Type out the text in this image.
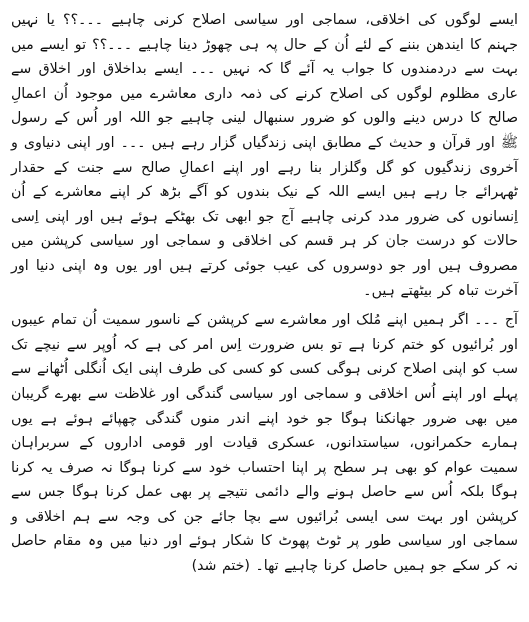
ایسے لوگوں کی اخلاقی، سماجی اور سیاسی اصلاح کرنی چاہیے ۔۔۔؟؟ یا نہیں جہنم کا ایندھن بننے کے لئے اُن کے حال پہ ہی چھوڑ دینا چاہیے ۔۔۔؟؟ تو ایسے میں بہت سے دردمندوں کا جواب یہ آئے گا کہ نہیں ۔۔۔ ایسے بداخلاق اور اخلاق سے عاری مظلوم لوگوں کی اصلاح کرنے کی ذمہ داری معاشرے میں موجود اُن اعمالِ صالح کا درس دینے والوں کو ضرور سنبھال لینی چاہیے جو اللہ اور اُس کے رسول ﷺ اور قرآن و حدیث کے مطابق اپنی زندگیاں گزار رہے ہیں ۔۔۔ اور اپنی دنیاوی و آخروی زندگیوں کو گل وگلزار بنا رہے اور اپنے اعمالِ صالح سے جنت کے حقدار ٹھہرائے جا رہے ہیں ایسے اللہ کے نیک بندوں کو آگے بڑھ کر اپنے معاشرے کے اُن اِنسانوں کی ضرور مدد کرنی چاہیے آج جو ابھی تک بھٹکے ہوئے ہیں اور اپنی اِسی حالات کو درست جان کر ہر قسم کی اخلاقی و سماجی اور سیاسی کرپشن میں مصروف ہیں اور جو دوسروں کی عیب جوئی کرتے ہیں اور یوں وہ اپنی دنیا اور آخرت تباہ کر بیٹھتے ہیں۔

آج ۔۔۔ اگر ہمیں اپنے مُلک اور معاشرے سے کرپشن کے ناسور سمیت اُن تمام عیبوں اور بُرائیوں کو ختم کرنا ہے تو بس ضرورت اِس امر کی ہے کہ اُوپر سے نیچے تک سب کو اپنی اصلاح کرنی ہوگی کسی کو کسی کی طرف اپنی ایک اُنگلی اُٹھانے سے پہلے اور اپنے اُس اخلاقی و سماجی اور سیاسی گندگی اور غلاظت سے بھرے گریبان میں بھی ضرور جھانکنا ہوگا جو خود اپنے اندر منوں گندگی چھپائے ہوئے ہے یوں ہمارے حکمرانوں، سیاستدانوں، عسکری قیادت اور قومی اداروں کے سربراہان سمیت عوام کو بھی ہر سطح پر اپنا احتساب خود سے کرنا ہوگا نہ صرف یہ کرنا ہوگا بلکہ اُس سے حاصل ہونے والے دائمی نتیجے پر بھی عمل کرنا ہوگا جس سے کرپشن اور بہت سی ایسی بُرائیوں سے بچا جائے جن کی وجہ سے ہم اخلاقی و سماجی اور سیاسی طور پر ٹوٹ پھوٹ کا شکار ہوئے اور دنیا میں وہ مقام حاصل نہ کر سکے جو ہمیں حاصل کرنا چاہیے تھا۔ (ختم شد)
